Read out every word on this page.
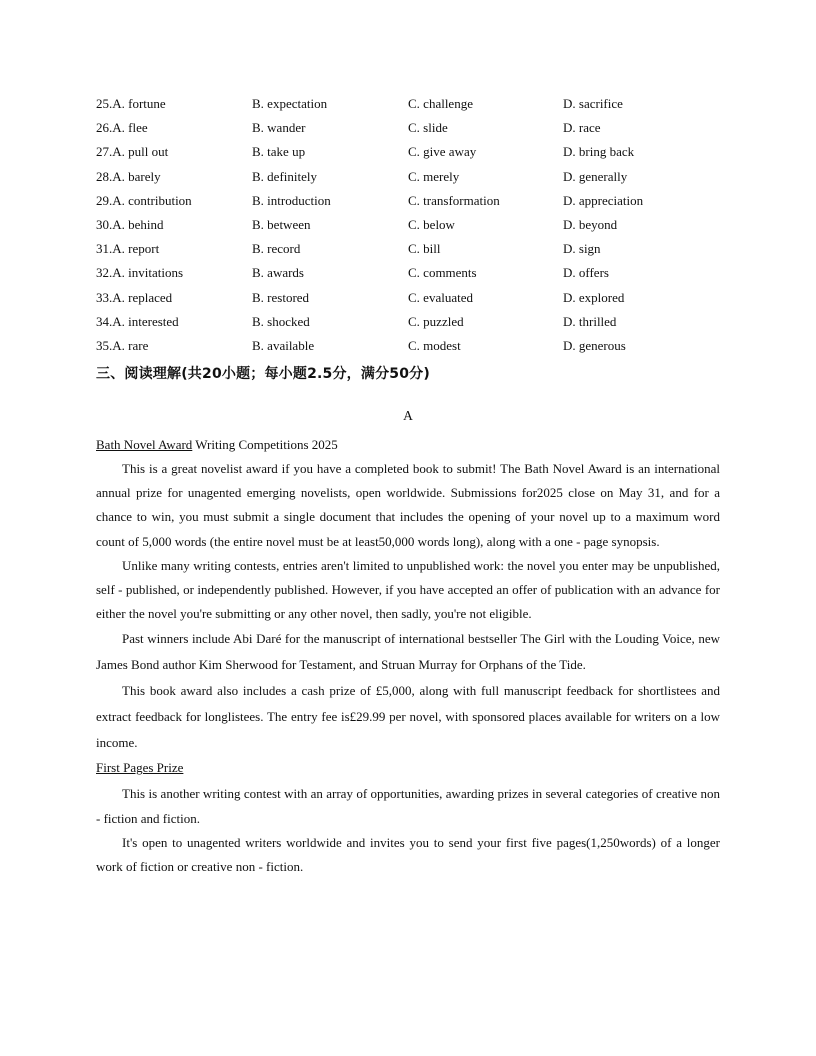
25.A. fortune	B. expectation	C. challenge	D. sacrifice
26.A. flee	B. wander	C. slide	D. race
27.A. pull out	B. take up	C. give away	D. bring back
28.A. barely	B. definitely	C. merely	D. generally
29.A. contribution	B. introduction	C. transformation	D. appreciation
30.A. behind	B. between	C. below	D. beyond
31.A. report	B. record	C. bill	D. sign
32.A. invitations	B. awards	C. comments	D. offers
33.A. replaced	B. restored	C. evaluated	D. explored
34.A. interested	B. shocked	C. puzzled	D. thrilled
35.A. rare	B. available	C. modest	D. generous
三、阅读理解(共20小题；每小题2.5分，满分50分)
A
Bath Novel Award Writing Competitions 2025

This is a great novelist award if you have a completed book to submit! The Bath Novel Award is an international annual prize for unagented emerging novelists, open worldwide. Submissions for2025 close on May 31, and for a chance to win, you must submit a single document that includes the opening of your novel up to a maximum word count of 5,000 words (the entire novel must be at least50,000 words long), along with a one - page synopsis.

Unlike many writing contests, entries aren't limited to unpublished work: the novel you enter may be unpublished, self - published, or independently published. However, if you have accepted an offer of publication with an advance for either the novel you're submitting or any other novel, then sadly, you're not eligible.

Past winners include Abi Daré for the manuscript of international bestseller The Girl with the Louding Voice, new James Bond author Kim Sherwood for Testament, and Struan Murray for Orphans of the Tide.

This book award also includes a cash prize of £5,000, along with full manuscript feedback for shortlistees and extract feedback for longlistees. The entry fee is£29.99 per novel, with sponsored places available for writers on a low income.

First Pages Prize

This is another writing contest with an array of opportunities, awarding prizes in several categories of creative non - fiction and fiction.

It's open to unagented writers worldwide and invites you to send your first five pages(1,250words) of a longer work of fiction or creative non - fiction.
